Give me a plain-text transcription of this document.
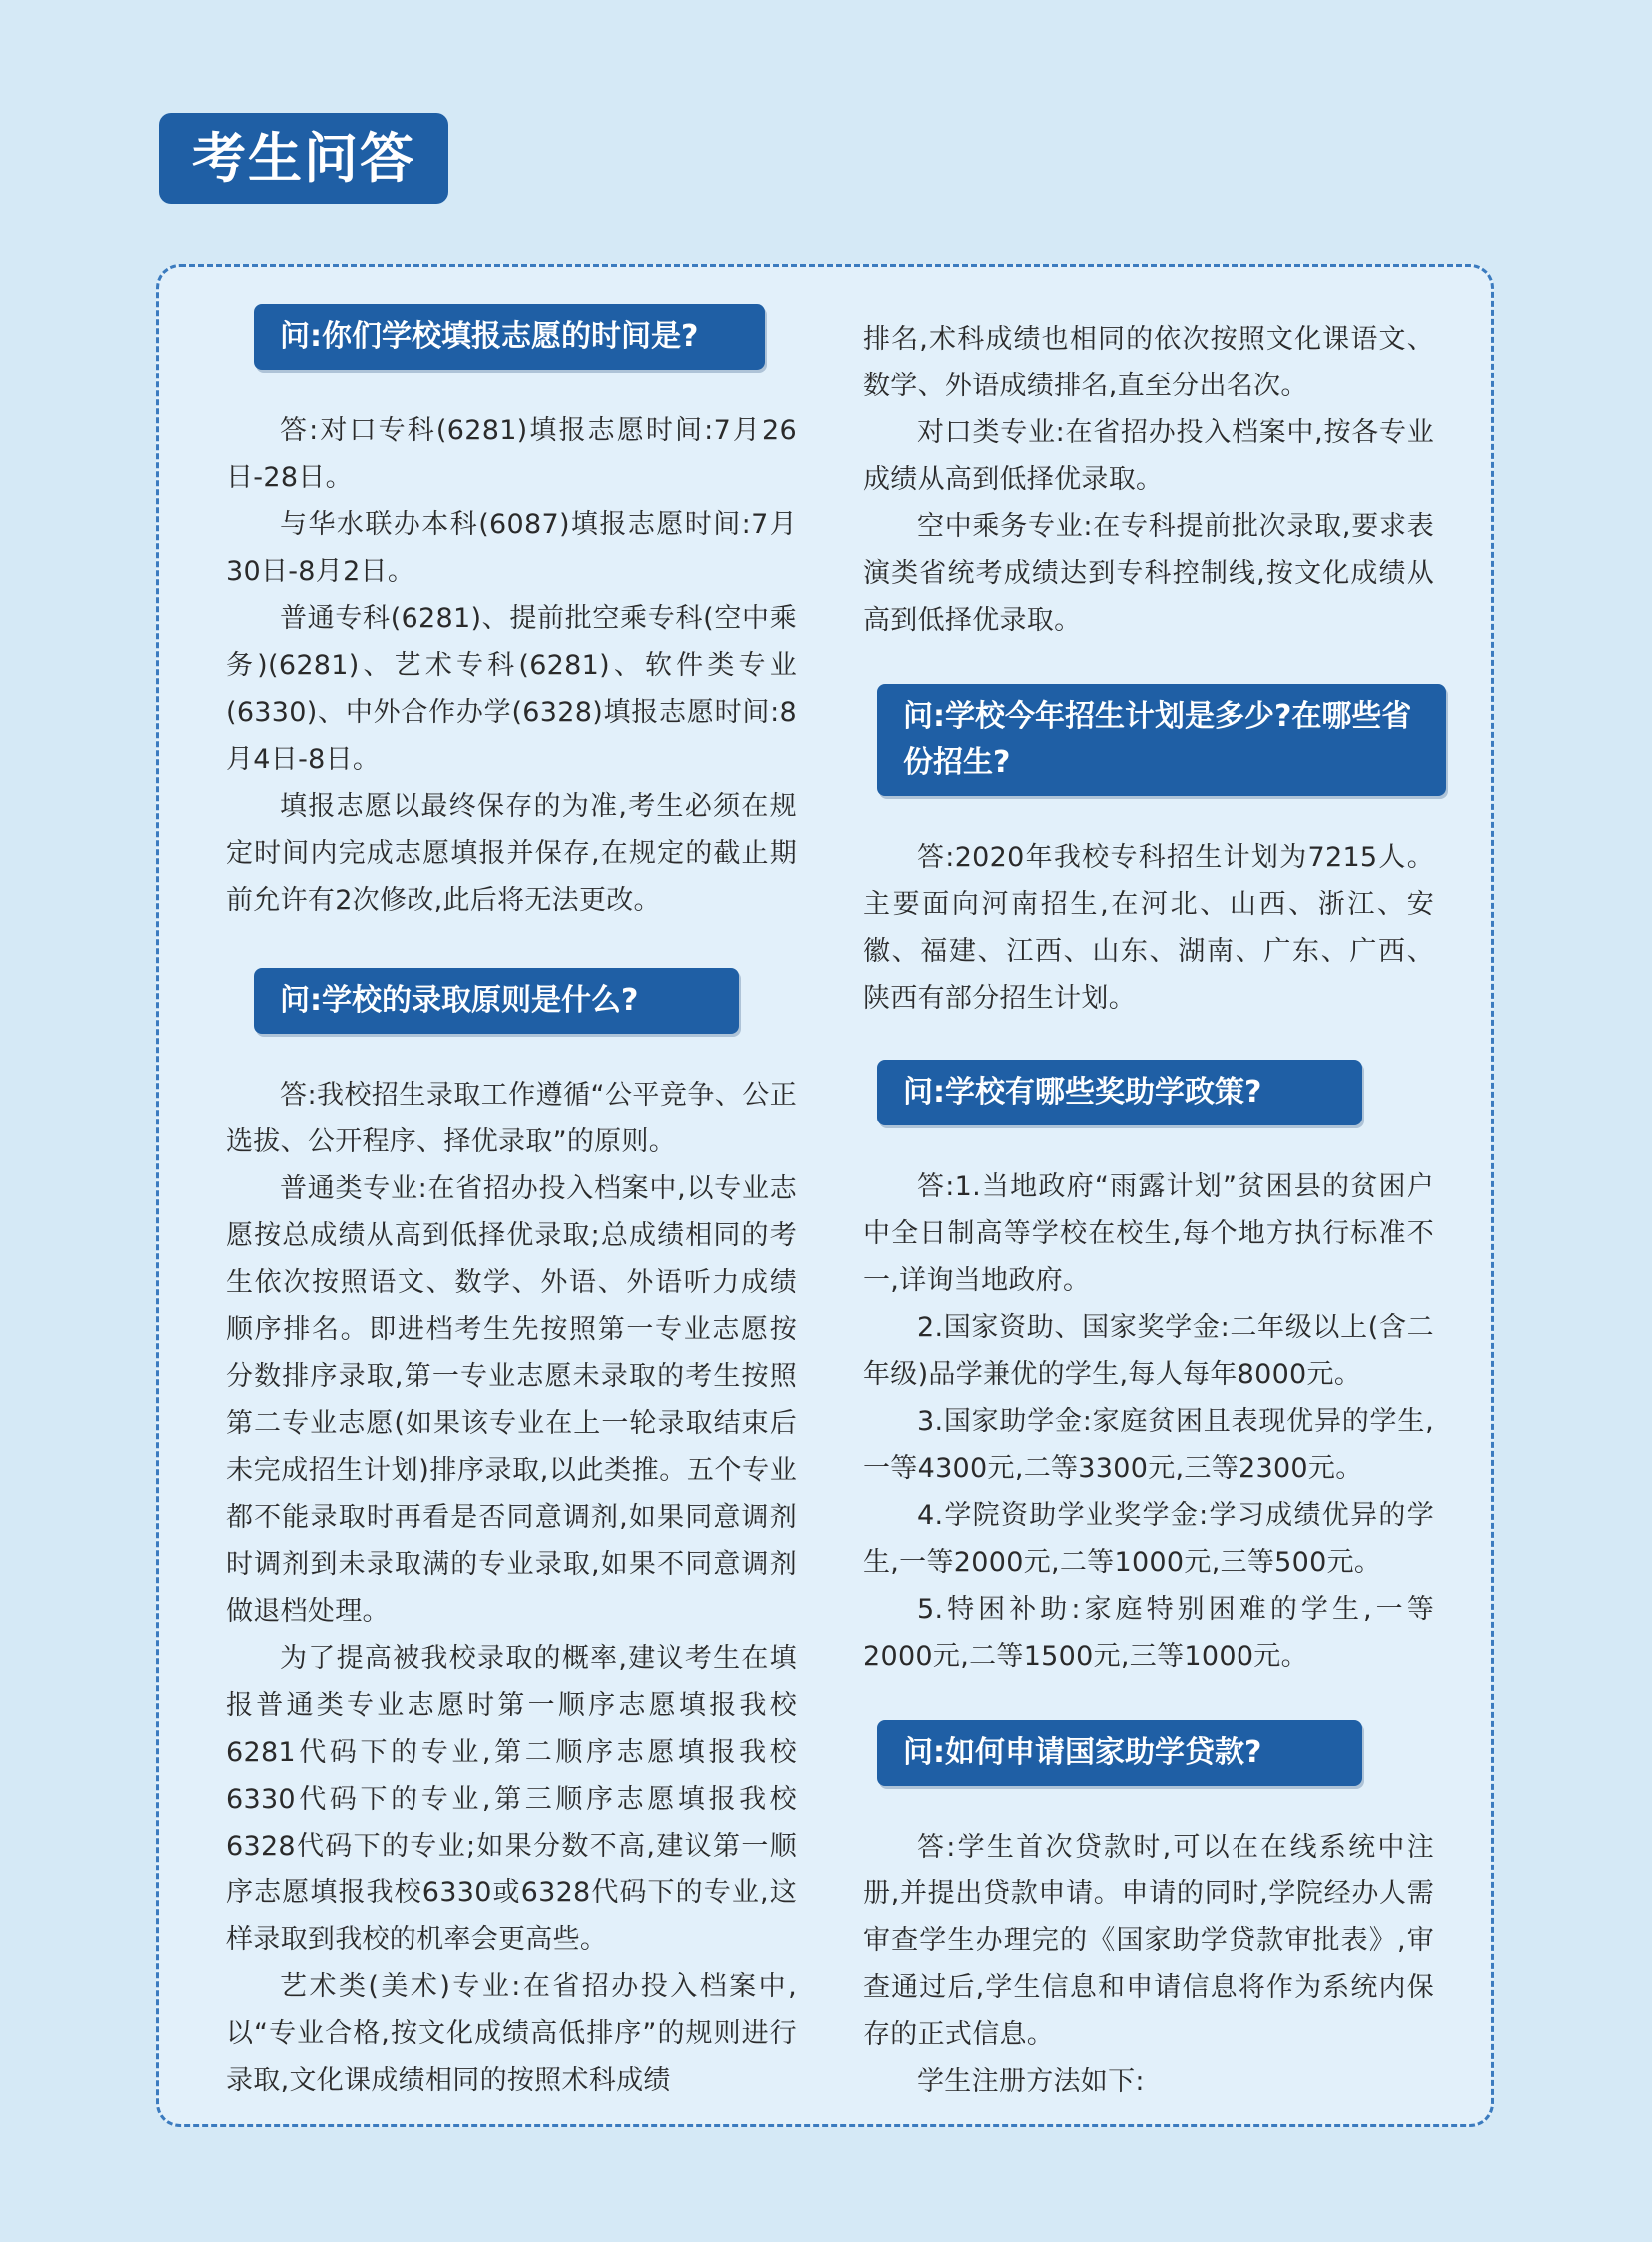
考生问答
问:你们学校填报志愿的时间是?

答:对口专科(6281)填报志愿时间:7月26日-28日。

与华水联办本科(6087)填报志愿时间:7月30日-8月2日。

普通专科(6281)、提前批空乘专科(空中乘务)(6281)、艺术专科(6281)、软件类专业(6330)、中外合作办学(6328)填报志愿时间:8月4日-8日。

填报志愿以最终保存的为准,考生必须在规定时间内完成志愿填报并保存,在规定的截止期前允许有2次修改,此后将无法更改。

问:学校的录取原则是什么?

答:我校招生录取工作遵循“公平竞争、公正选拔、公开程序、择优录取”的原则。

普通类专业:在省招办投入档案中,以专业志愿按总成绩从高到低择优录取;总成绩相同的考生依次按照语文、数学、外语、外语听力成绩顺序排名。即进档考生先按照第一专业志愿按分数排序录取,第一专业志愿未录取的考生按照第二专业志愿(如果该专业在上一轮录取结束后未完成招生计划)排序录取,以此类推。五个专业都不能录取时再看是否同意调剂,如果同意调剂时调剂到未录取满的专业录取,如果不同意调剂做退档处理。

为了提高被我校录取的概率,建议考生在填报普通类专业志愿时第一顺序志愿填报我校6281代码下的专业,第二顺序志愿填报我校6330代码下的专业,第三顺序志愿填报我校6328代码下的专业;如果分数不高,建议第一顺序志愿填报我校6330或6328代码下的专业,这样录取到我校的机率会更高些。

艺术类(美术)专业:在省招办投入档案中,以“专业合格,按文化成绩高低排序”的规则进行录取,文化课成绩相同的按照术科成绩

排名,术科成绩也相同的依次按照文化课语文、数学、外语成绩排名,直至分出名次。

对口类专业:在省招办投入档案中,按各专业成绩从高到低择优录取。

空中乘务专业:在专科提前批次录取,要求表演类省统考成绩达到专科控制线,按文化成绩从高到低择优录取。

问:学校今年招生计划是多少?在哪些省份招生?

答:2020年我校专科招生计划为7215人。主要面向河南招生,在河北、山西、浙江、安徽、福建、江西、山东、湖南、广东、广西、陕西有部分招生计划。

问:学校有哪些奖助学政策?

答:1.当地政府“雨露计划”贫困县的贫困户中全日制高等学校在校生,每个地方执行标准不一,详询当地政府。

2.国家资助、国家奖学金:二年级以上(含二年级)品学兼优的学生,每人每年8000元。

3.国家助学金:家庭贫困且表现优异的学生,一等4300元,二等3300元,三等2300元。

4.学院资助学业奖学金:学习成绩优异的学生,一等2000元,二等1000元,三等500元。

5.特困补助:家庭特别困难的学生,一等2000元,二等1500元,三等1000元。

问:如何申请国家助学贷款?

答:学生首次贷款时,可以在在线系统中注册,并提出贷款申请。申请的同时,学院经办人需审查学生办理完的《国家助学贷款审批表》,审查通过后,学生信息和申请信息将作为系统内保存的正式信息。

学生注册方法如下:
